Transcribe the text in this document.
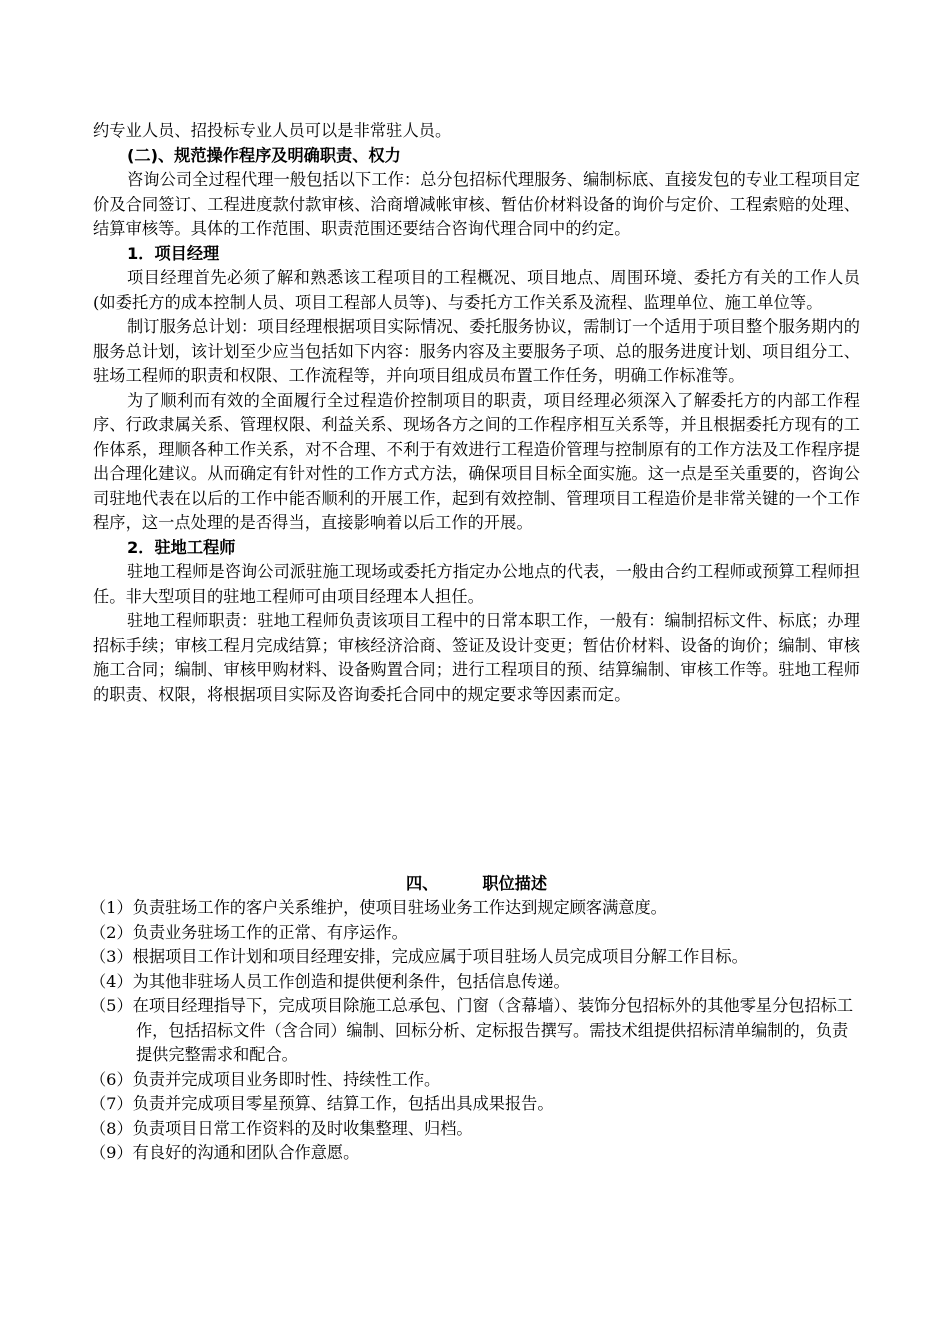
约专业人员、招投标专业人员可以是非常驻人员。

(二)、规范操作程序及明确职责、权力

咨询公司全过程代理一般包括以下工作：总分包招标代理服务、编制标底、直接发包的专业工程项目定价及合同签订、工程进度款付款审核、洽商增减帐审核、暂估价材料设备的询价与定价、工程索赔的处理、结算审核等。具体的工作范围、职责范围还要结合咨询代理合同中的约定。

1．项目经理

项目经理首先必须了解和熟悉该工程项目的工程概况、项目地点、周围环境、委托方有关的工作人员(如委托方的成本控制人员、项目工程部人员等)、与委托方工作关系及流程、监理单位、施工单位等。

制订服务总计划：项目经理根据项目实际情况、委托服务协议，需制订一个适用于项目整个服务期内的服务总计划，该计划至少应当包括如下内容：服务内容及主要服务子项、总的服务进度计划、项目组分工、驻场工程师的职责和权限、工作流程等，并向项目组成员布置工作任务，明确工作标准等。

为了顺利而有效的全面履行全过程造价控制项目的职责，项目经理必须深入了解委托方的内部工作程序、行政隶属关系、管理权限、利益关系、现场各方之间的工作程序相互关系等，并且根据委托方现有的工作体系，理顺各种工作关系，对不合理、不利于有效进行工程造价管理与控制原有的工作方法及工作程序提出合理化建议。从而确定有针对性的工作方式方法，确保项目目标全面实施。这一点是至关重要的，咨询公司驻地代表在以后的工作中能否顺利的开展工作，起到有效控制、管理项目工程造价是非常关键的一个工作程序，这一点处理的是否得当，直接影响着以后工作的开展。

2．驻地工程师

驻地工程师是咨询公司派驻施工现场或委托方指定办公地点的代表，一般由合约工程师或预算工程师担任。非大型项目的驻地工程师可由项目经理本人担任。

驻地工程师职责：驻地工程师负责该项目工程中的日常本职工作，一般有：编制招标文件、标底；办理招标手续；审核工程月完成结算；审核经济洽商、签证及设计变更；暂估价材料、设备的询价；编制、审核施工合同；编制、审核甲购材料、设备购置合同；进行工程项目的预、结算编制、审核工作等。驻地工程师的职责、权限，将根据项目实际及咨询委托合同中的规定要求等因素而定。

四、	职位描述

（1）负责驻场工作的客户关系维护，使项目驻场业务工作达到规定顾客满意度。

（2）负责业务驻场工作的正常、有序运作。

（3）根据项目工作计划和项目经理安排，完成应属于项目驻场人员完成项目分解工作目标。

（4）为其他非驻场人员工作创造和提供便利条件，包括信息传递。

（5）在项目经理指导下，完成项目除施工总承包、门窗（含幕墙）、装饰分包招标外的其他零星分包招标工作，包括招标文件（含合同）编制、回标分析、定标报告撰写。需技术组提供招标清单编制的，负责提供完整需求和配合。

（6）负责并完成项目业务即时性、持续性工作。

（7）负责并完成项目零星预算、结算工作，包括出具成果报告。

（8）负责项目日常工作资料的及时收集整理、归档。

（9）有良好的沟通和团队合作意愿。
